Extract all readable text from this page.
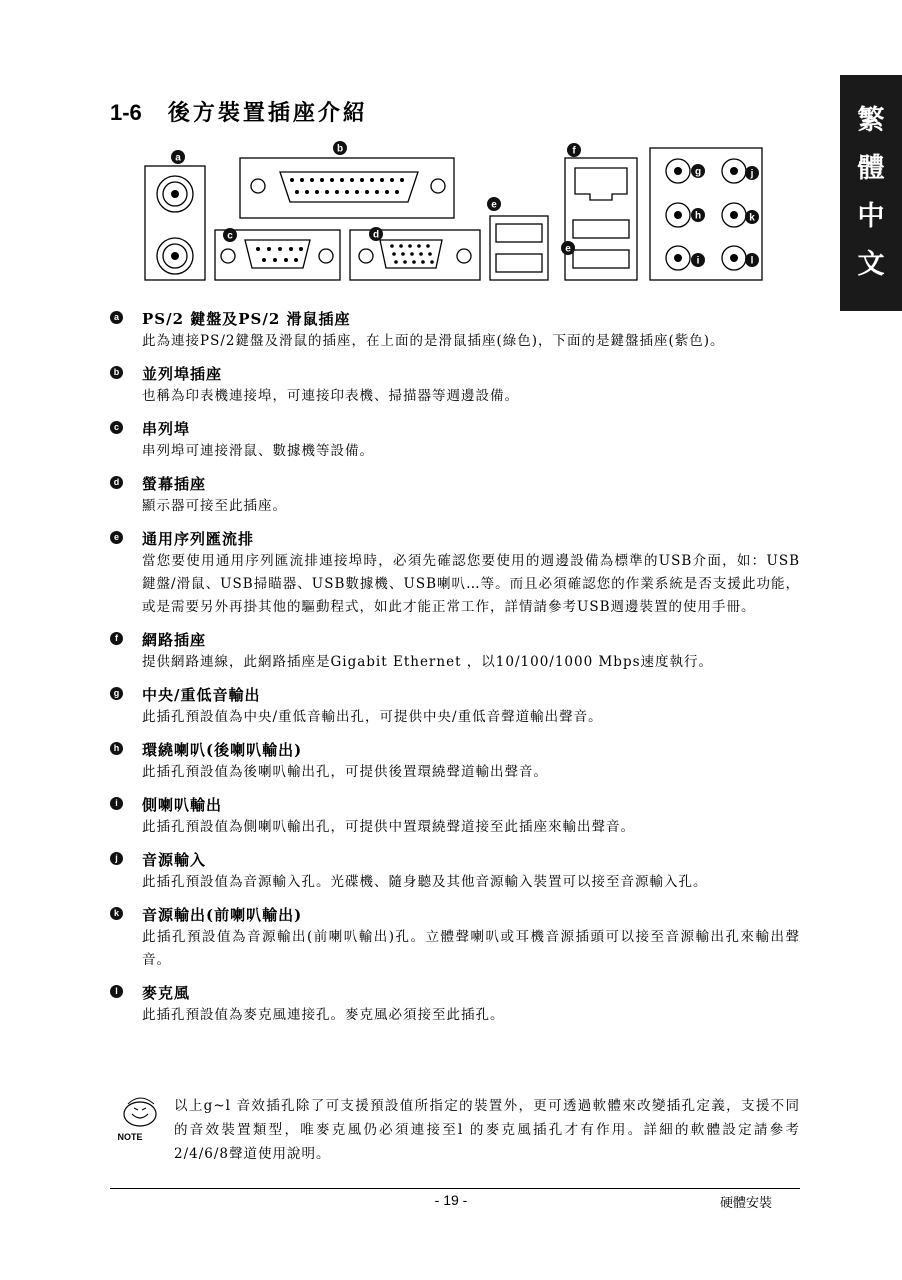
繁
體
中
文
1-6 後方裝置插座介紹
a
b
c	d
e
e
f
g
h
i
j
k
l
a	PS/2 鍵盤及PS/2 滑鼠插座
此為連接PS/2鍵盤及滑鼠的插座，在上面的是滑鼠插座(綠色)，下面的是鍵盤插座(紫色)。
b	並列埠插座
也稱為印表機連接埠，可連接印表機、掃描器等週邊設備。
c	串列埠
串列埠可連接滑鼠、數據機等設備。
d	螢幕插座
顯示器可接至此插座。
e	通用序列匯流排
當您要使用通用序列匯流排連接埠時，必須先確認您要使用的週邊設備為標準的USB介面，如：USB鍵盤/滑鼠、USB掃瞄器、USB數據機、USB喇叭…等。而且必須確認您的作業系統是否支援此功能，或是需要另外再掛其他的驅動程式，如此才能正常工作，詳情請參考USB週邊裝置的使用手冊。
f	網路插座
提供網路連線，此網路插座是Gigabit Ethernet ，以10/100/1000 Mbps速度執行。
g	中央/重低音輸出
此插孔預設值為中央/重低音輸出孔，可提供中央/重低音聲道輸出聲音。
h	環繞喇叭(後喇叭輸出)
此插孔預設值為後喇叭輸出孔，可提供後置環繞聲道輸出聲音。
i	側喇叭輸出
此插孔預設值為側喇叭輸出孔，可提供中置環繞聲道接至此插座來輸出聲音。
j	音源輸入
此插孔預設值為音源輸入孔。光碟機、隨身聽及其他音源輸入裝置可以接至音源輸入孔。
k	音源輸出(前喇叭輸出)
此插孔預設值為音源輸出(前喇叭輸出)孔。立體聲喇叭或耳機音源插頭可以接至音源輸出孔來輸出聲音。
l	麥克風
此插孔預設值為麥克風連接孔。麥克風必須接至此插孔。
NOTE
以上g~l 音效插孔除了可支援預設值所指定的裝置外，更可透過軟體來改變插孔定義，支援不同的音效裝置類型，唯麥克風仍必須連接至l 的麥克風插孔才有作用。詳細的軟體設定請參考2/4/6/8聲道使用說明。
- 19 -	硬體安裝
